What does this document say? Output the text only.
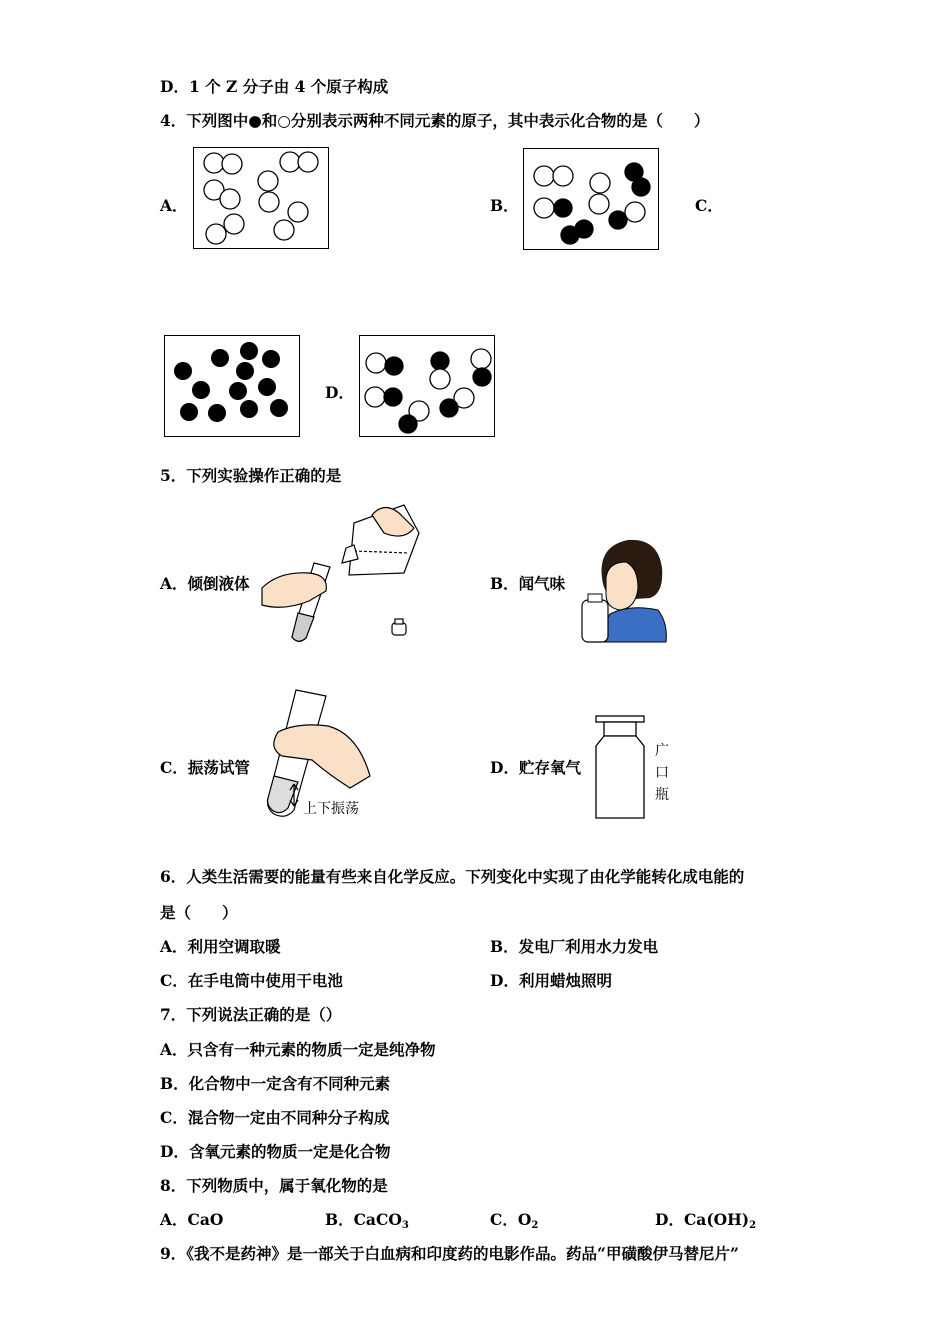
D．1 个 Z 分子由 4 个原子构成
4．下列图中●和○分别表示两种不同元素的原子，其中表示化合物的是（　　）
A．	B．	C．
D．
5．下列实验操作正确的是
A．倾倒液体	B．闻气味
C．振荡试管
上下振荡
D．贮存氧气
广
口
瓶
6．人类生活需要的能量有些来自化学反应。下列变化中实现了由化学能转化成电能的
是（　　）
A．利用空调取暖	B．发电厂利用水力发电
C．在手电筒中使用干电池	D．利用蜡烛照明
7．下列说法正确的是（）
A．只含有一种元素的物质一定是纯净物
B．化合物中一定含有不同种元素
C．混合物一定由不同种分子构成
D．含氧元素的物质一定是化合物
8．下列物质中，属于氧化物的是
A．CaO	B．CaCO$_3$	C．$O_2$	D．$Ca(OH)_2$
9．《我不是药神》是一部关于白血病和印度药的电影作品。药品“甲磺酸伊马替尼片”
